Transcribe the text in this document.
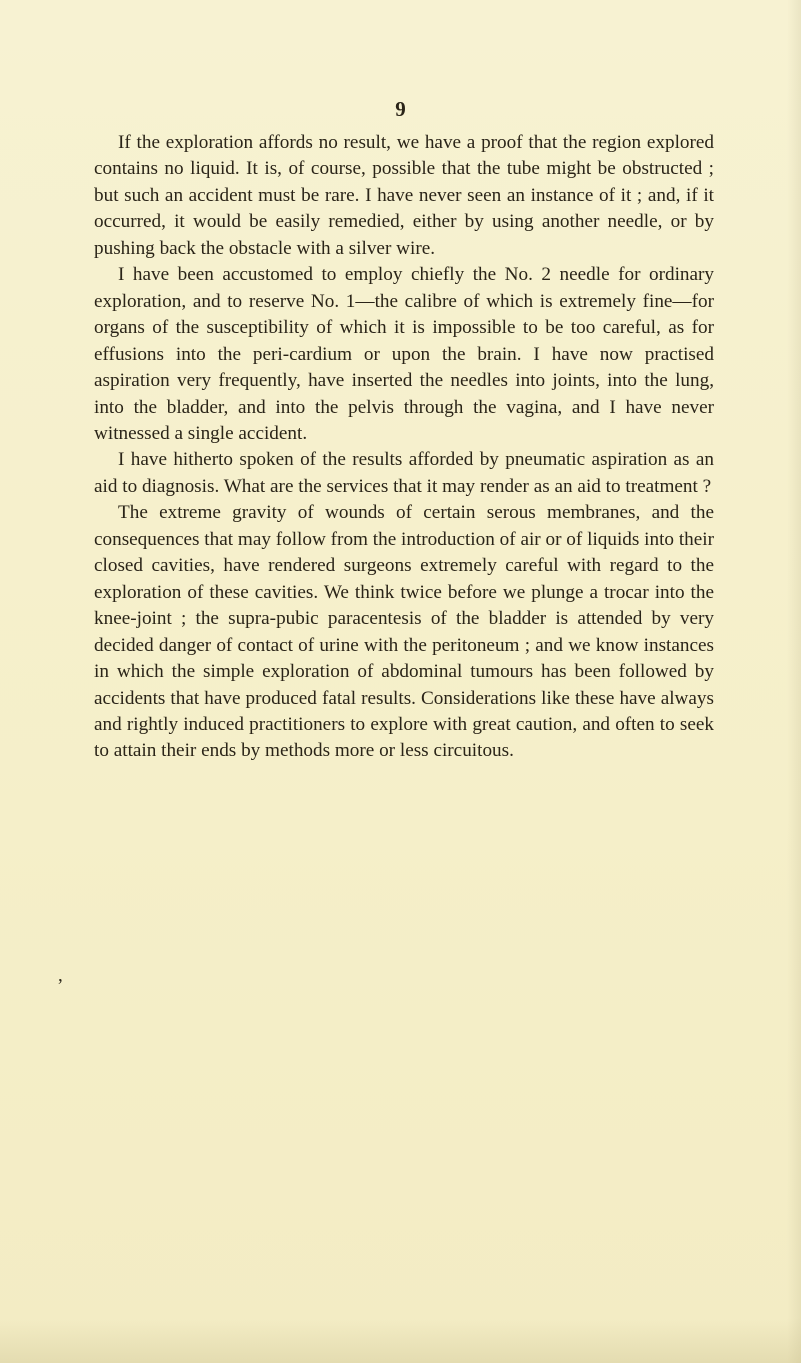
9
,

If the exploration affords no result, we have a proof that the region explored contains no liquid. It is, of course, possible that the tube might be obstructed ; but such an accident must be rare. I have never seen an instance of it ; and, if it occurred, it would be easily remedied, either by using another needle, or by pushing back the obstacle with a silver wire.

I have been accustomed to employ chiefly the No. 2 needle for ordinary exploration, and to reserve No. 1—the calibre of which is extremely fine—for organs of the susceptibility of which it is impossible to be too careful, as for effusions into the peri-cardium or upon the brain. I have now practised aspiration very frequently, have inserted the needles into joints, into the lung, into the bladder, and into the pelvis through the vagina, and I have never witnessed a single accident.

I have hitherto spoken of the results afforded by pneumatic aspiration as an aid to diagnosis. What are the services that it may render as an aid to treatment ?

The extreme gravity of wounds of certain serous membranes, and the consequences that may follow from the introduction of air or of liquids into their closed cavities, have rendered surgeons extremely careful with regard to the exploration of these cavities. We think twice before we plunge a trocar into the knee-joint ; the supra-pubic paracentesis of the bladder is attended by very decided danger of contact of urine with the peritoneum ; and we know instances in which the simple exploration of abdominal tumours has been followed by accidents that have produced fatal results. Considerations like these have always and rightly induced practitioners to explore with great caution, and often to seek to attain their ends by methods more or less circuitous.
